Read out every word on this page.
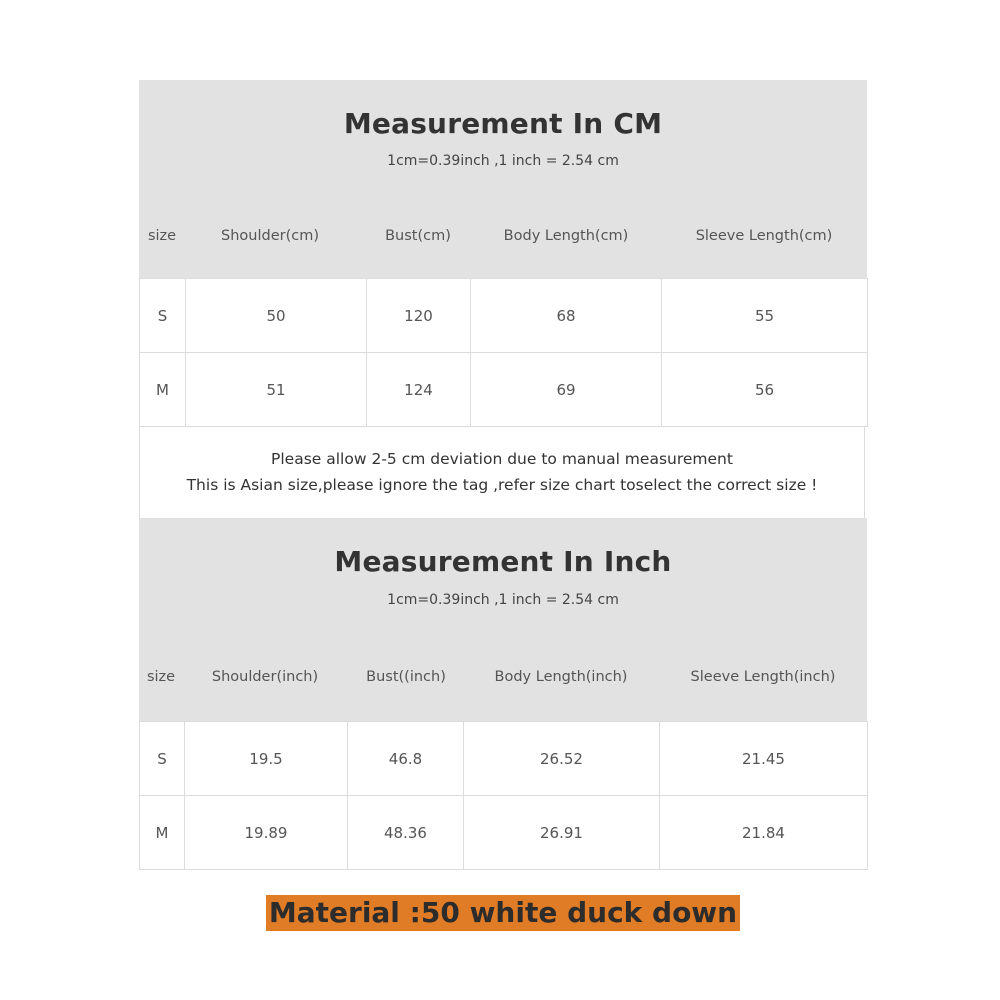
Measurement In CM
1cm=0.39inch ,1 inch = 2.54 cm
size	Shoulder(cm)	Bust(cm)	Body Length(cm)	Sleeve Length(cm)
S	50	120	68	55
M	51	124	69	56
Please allow 2-5 cm deviation due to manual measurement
This is Asian size,please ignore the tag ,refer size chart toselect the correct size !
Measurement In Inch
1cm=0.39inch ,1 inch = 2.54 cm
size	Shoulder(inch)	Bust((inch)	Body Length(inch)	Sleeve Length(inch)
S	19.5	46.8	26.52	21.45
M	19.89	48.36	26.91	21.84
Material :50 white duck down
